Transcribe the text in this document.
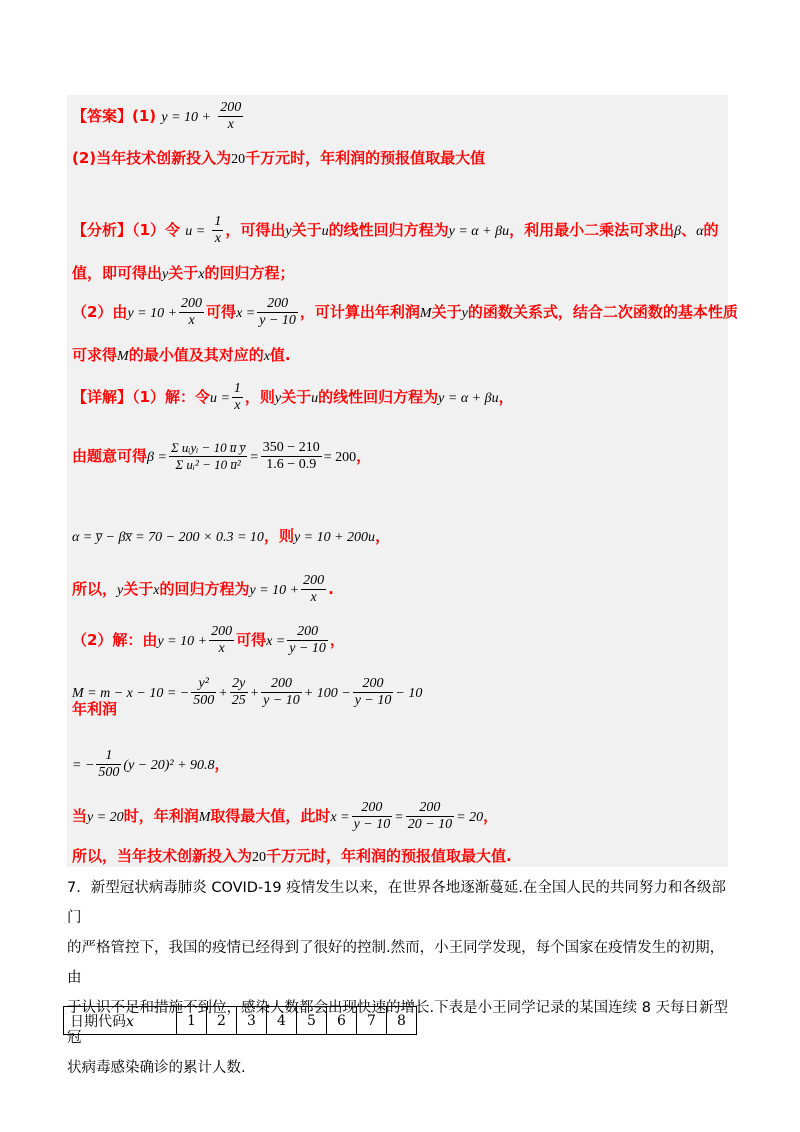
【答案】(1) $y = 10 + \frac{200}{x}$
(2)当年技术创新投入为20千万元时，年利润的预报值取最大值
【分析】（1）令 $u = \frac{1}{x}$ ，可得出y关于u的线性回归方程为y = α + βu，利用最小二乘法可求出β、α的
值，即可得出y关于x的回归方程；
（2）由$y = 10 + \frac{200}{x}$ 可得$x = \frac{200}{y - 10}$ ，可计算出年利润M关于y的函数关系式，结合二次函数的基本性质
可求得M的最小值及其对应的x值.
【详解】（1）解：令$u = \frac{1}{x}$ ，则y关于u的线性回归方程为y = α + βu，
由题意可得$\beta = \frac{\text{Σ uᵢyᵢ − 10 u̅ y̅}}{\text{Σ uᵢ² − 10 u̅²}} = \frac{350 - 210}{1.6 - 0.9} = 200$，
α = y̅ − βx̅ = 70 − 200 × 0.3 = 10，则y = 10 + 200u，
所以，y关于x的回归方程为$y = 10 + \frac{200}{x}$ .
（2）解：由$y = 10 + \frac{200}{x}$ 可得$x = \frac{200}{y - 10}$ ，
M = m − x − 10 = − $\frac{\text{y²}}{500} + \frac{2y}{25} + \frac{200}{y - 10} + 100 - \frac{200}{y - 10} - 10$
年利润
= − $\frac{1}{500} (y - 20)^2 + 90.8$，
当y = 20时，年利润M取得最大值，此时$x = \frac{200}{y - 10} = \frac{200}{20 - 10} = 20$，
所以，当年技术创新投入为20千万元时，年利润的预报值取最大值.
7．新型冠状病毒肺炎 COVID-19 疫情发生以来，在世界各地逐渐蔓延.在全国人民的共同努力和各级部门
的严格管控下，我国的疫情已经得到了很好的控制.然而，小王同学发现，每个国家在疫情发生的初期，由
于认识不足和措施不到位，感染人数都会出现快速的增长.下表是小王同学记录的某国连续 8 天每日新型冠
状病毒感染确诊的累计人数.
日期代码x	1	2	3	4	5	6	7	8
